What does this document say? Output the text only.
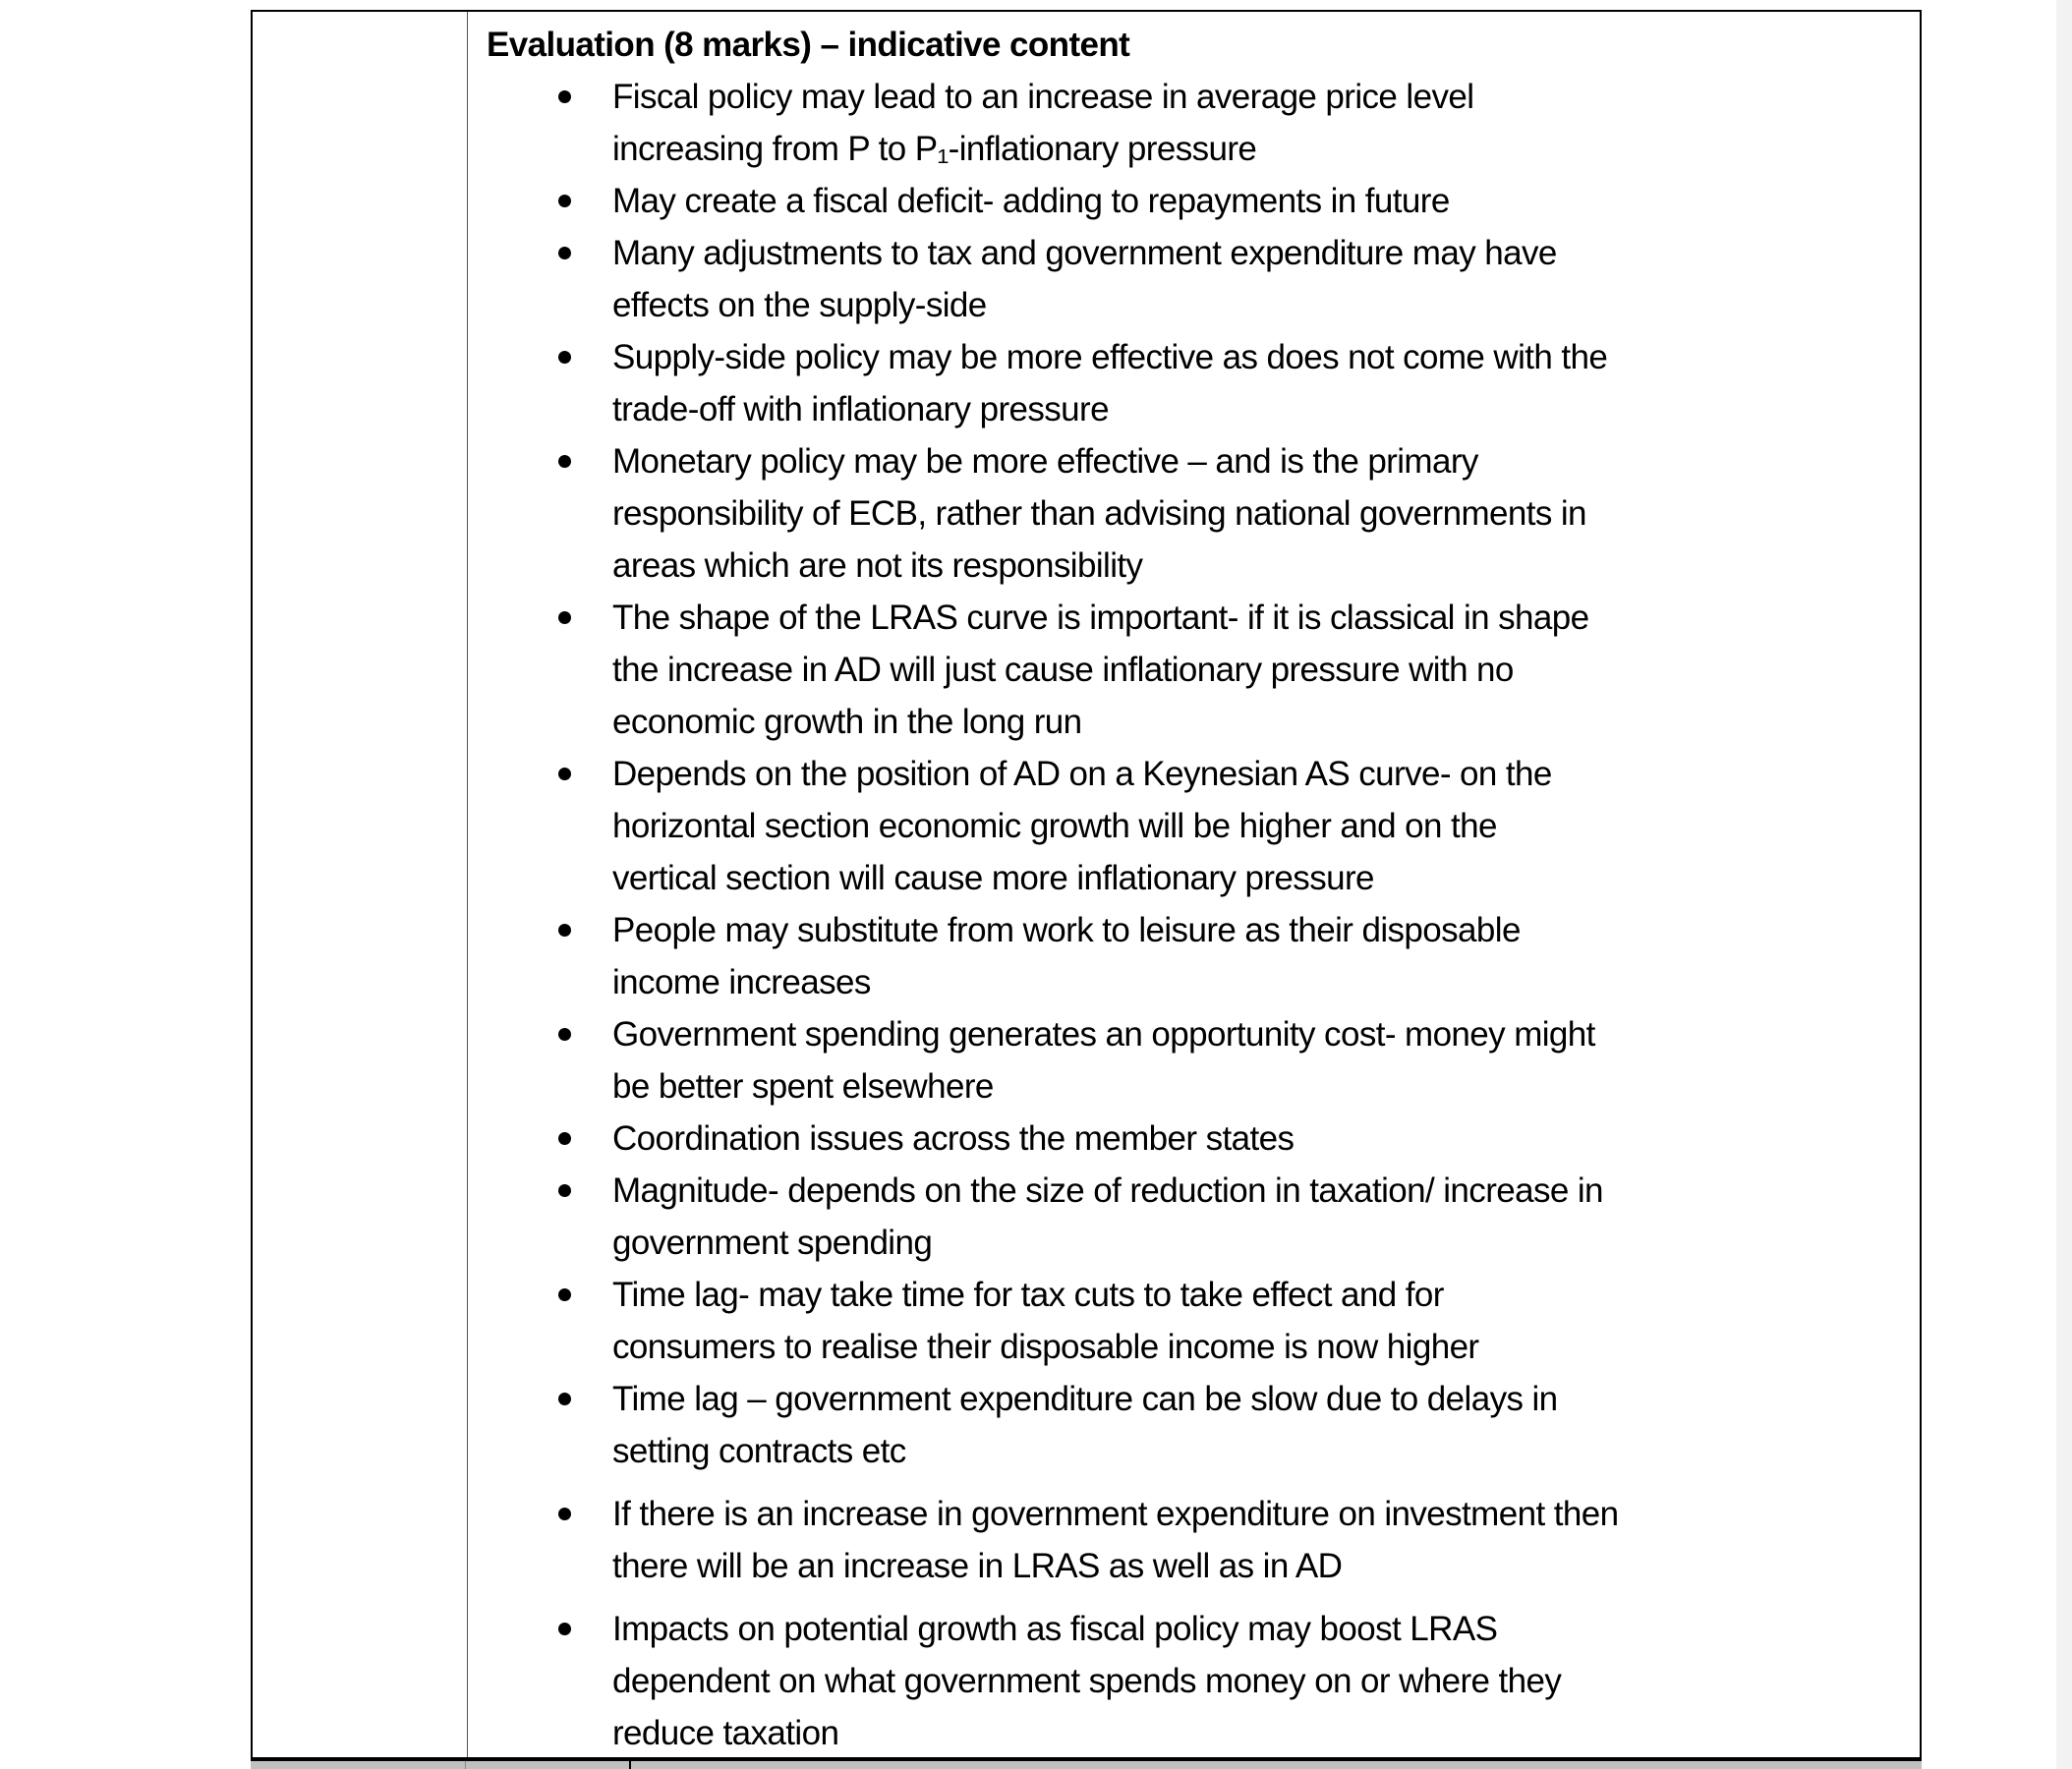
Evaluation (8 marks) – indicative content
Fiscal policy may lead to an increase in average price level
increasing from P to P₁-inflationary pressure
May create a fiscal deficit- adding to repayments in future
Many adjustments to tax and government expenditure may have
effects on the supply-side
Supply-side policy may be more effective as does not come with the
trade-off with inflationary pressure
Monetary policy may be more effective – and is the primary
responsibility of ECB, rather than advising national governments in
areas which are not its responsibility
The shape of the LRAS curve is important- if it is classical in shape
the increase in AD will just cause inflationary pressure with no
economic growth in the long run
Depends on the position of AD on a Keynesian AS curve- on the
horizontal section economic growth will be higher and on the
vertical section will cause more inflationary pressure
People may substitute from work to leisure as their disposable
income increases
Government spending generates an opportunity cost- money might
be better spent elsewhere
Coordination issues across the member states
Magnitude- depends on the size of reduction in taxation/ increase in
government spending
Time lag- may take time for tax cuts to take effect and for
consumers to realise their disposable income is now higher
Time lag – government expenditure can be slow due to delays in
setting contracts etc
If there is an increase in government expenditure on investment then
there will be an increase in LRAS as well as in AD
Impacts on potential growth as fiscal policy may boost LRAS
dependent on what government spends money on or where they
reduce taxation
